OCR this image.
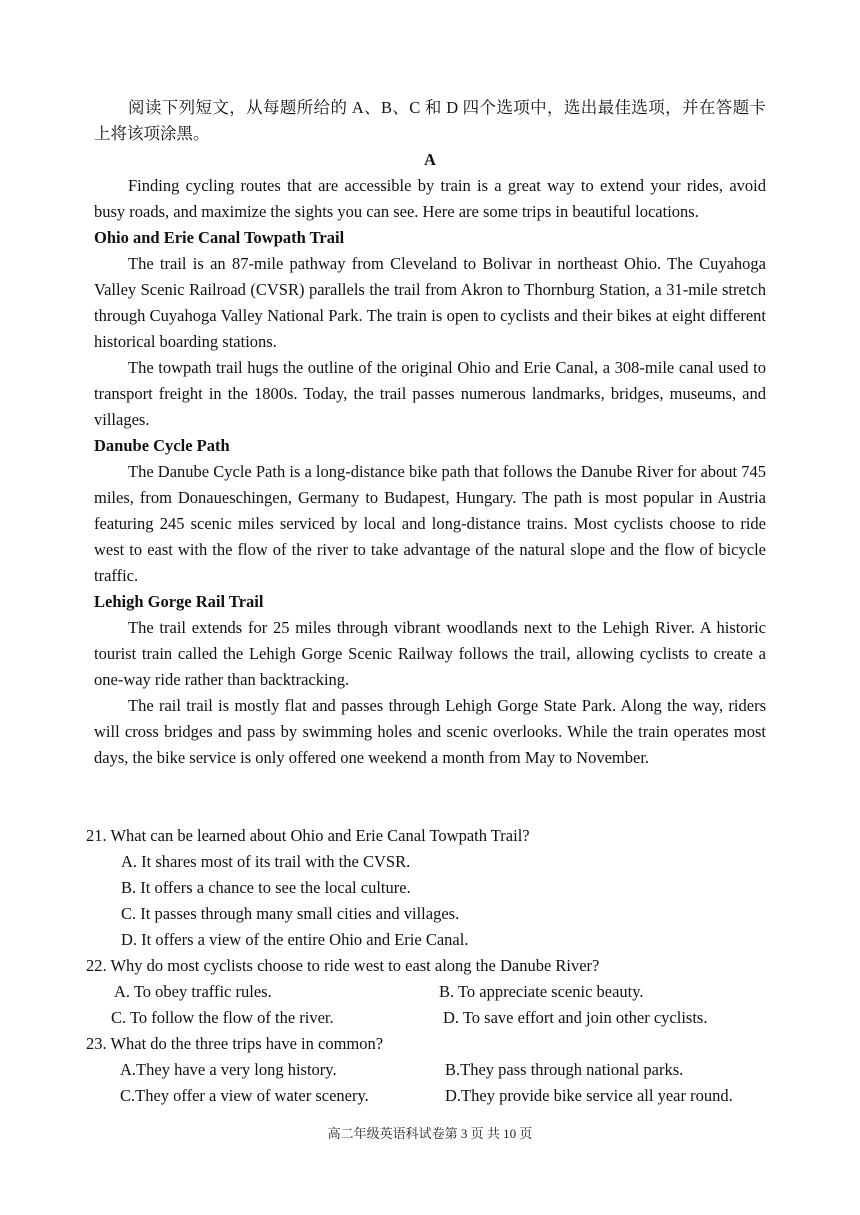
阅读下列短文，从每题所给的 A、B、C 和 D 四个选项中，选出最佳选项，并在答题卡上将该项涂黑。

A

Finding cycling routes that are accessible by train is a great way to extend your rides, avoid busy roads, and maximize the sights you can see. Here are some trips in beautiful locations.

Ohio and Erie Canal Towpath Trail

The trail is an 87-mile pathway from Cleveland to Bolivar in northeast Ohio. The Cuyahoga Valley Scenic Railroad (CVSR) parallels the trail from Akron to Thornburg Station, a 31-mile stretch through Cuyahoga Valley National Park. The train is open to cyclists and their bikes at eight different historical boarding stations.

The towpath trail hugs the outline of the original Ohio and Erie Canal, a 308-mile canal used to transport freight in the 1800s. Today, the trail passes numerous landmarks, bridges, museums, and villages.

Danube Cycle Path

The Danube Cycle Path is a long-distance bike path that follows the Danube River for about 745 miles, from Donaueschingen, Germany to Budapest, Hungary. The path is most popular in Austria featuring 245 scenic miles serviced by local and long-distance trains. Most cyclists choose to ride west to east with the flow of the river to take advantage of the natural slope and the flow of bicycle traffic.

Lehigh Gorge Rail Trail

The trail extends for 25 miles through vibrant woodlands next to the Lehigh River. A historic tourist train called the Lehigh Gorge Scenic Railway follows the trail, allowing cyclists to create a one-way ride rather than backtracking.

The rail trail is mostly flat and passes through Lehigh Gorge State Park. Along the way, riders will cross bridges and pass by swimming holes and scenic overlooks. While the train operates most days, the bike service is only offered one weekend a month from May to November.

21. What can be learned about Ohio and Erie Canal Towpath Trail?

A. It shares most of its trail with the CVSR.

B. It offers a chance to see the local culture.

C. It passes through many small cities and villages.

D. It offers a view of the entire Ohio and Erie Canal.

22. Why do most cyclists choose to ride west to east along the Danube River?

A. To obey traffic rules.	B. To appreciate scenic beauty.
C. To follow the flow of the river.	D. To save effort and join other cyclists.

23. What do the three trips have in common?

A.They have a very long history.	B.They pass through national parks.
C.They offer a view of water scenery.	D.They provide bike service all year round.
高二年级英语科试卷第 3 页 共 10 页
